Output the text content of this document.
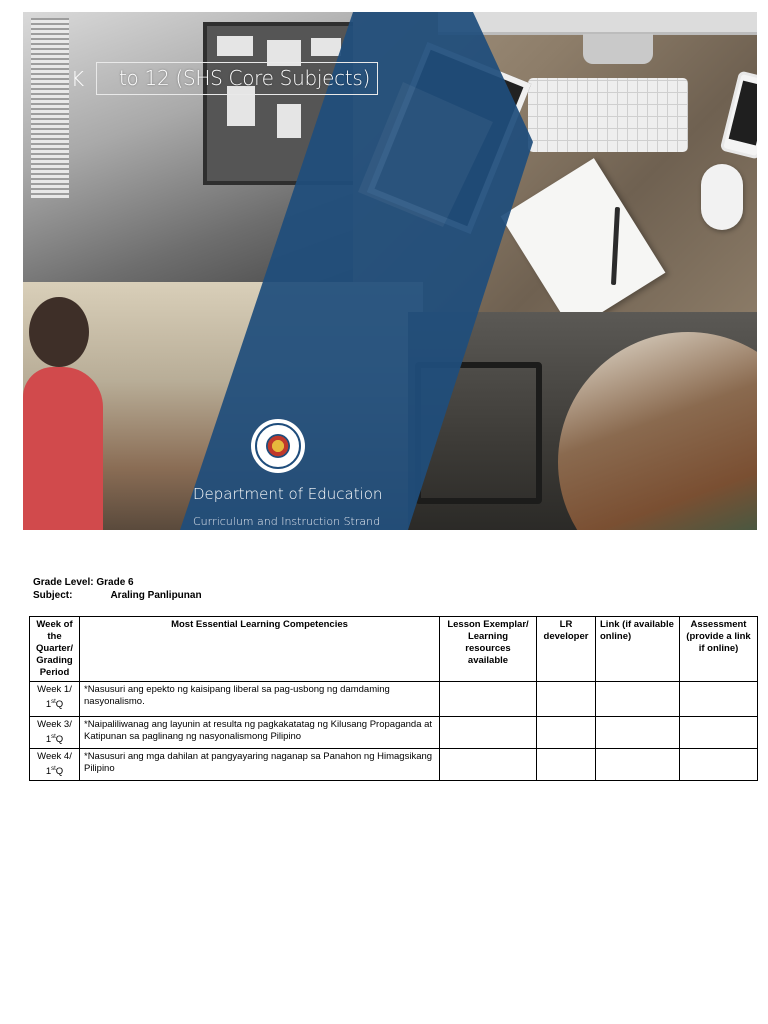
K	to 12 (SHS Core Subjects)
Department of Education
Curriculum and Instruction Strand
Grade Level: Grade 6
Subject:	Araling Panlipunan
Week of the Quarter/ Grading Period	Most Essential Learning Competencies	Lesson Exemplar/ Learning resources available	LR developer	Link (if available online)	Assessment (provide a link if online)

Week 1/
1stQ	*Nasusuri ang epekto ng kaisipang liberal sa pag-usbong ng damdaming nasyonalismo.				

Week 3/
1stQ	*Naipaliliwanag ang layunin at resulta ng pagkakatatag ng Kilusang Propaganda at Katipunan sa paglinang ng nasyonalismong Pilipino				

Week 4/
1stQ	*Nasusuri ang mga dahilan at pangyayaring naganap sa Panahon ng Himagsikang Pilipino				
